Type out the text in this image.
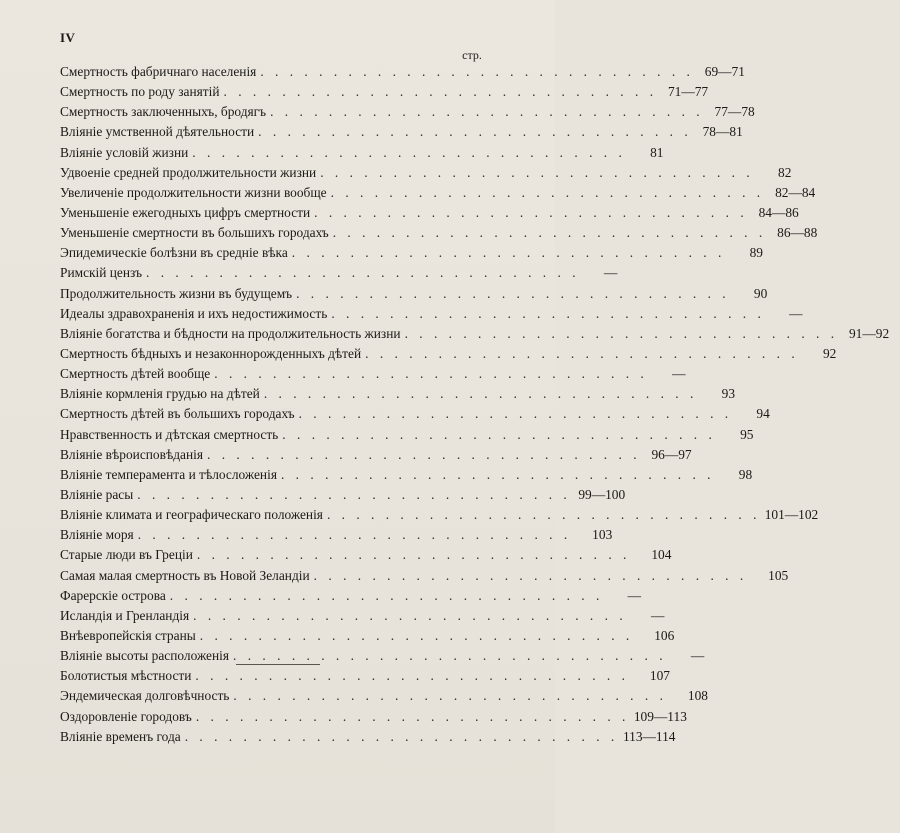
IV
стр.
Смертность фабричнаго населенія . . . . . . . . . . . . . . . . . . . . . . . . . . . . . . 69—71
Смертность по роду занятій . . . . . . . . . . . . . . . . . . . . . . . . . . . . . . 71—77
Смертность заключенныхъ, бродягъ . . . . . . . . . . . . . . . . . . . . . . . . . . . . . . 77—78
Вліяніе умственной дѣятельности . . . . . . . . . . . . . . . . . . . . . . . . . . . . . . 78—81
Вліяніе условій жизни . . . . . . . . . . . . . . . . . . . . . . . . . . . . . .	81
Удвоеніе средней продолжительности жизни . . . . . . . . . . . . . . . . . . . . . . . . . . . . . .	82
Увеличеніе продолжительности жизни вообще . . . . . . . . . . . . . . . . . . . . . . . . . . . . . . 82—84
Уменьшеніе ежегодныхъ цифръ смертности . . . . . . . . . . . . . . . . . . . . . . . . . . . . . . 84—86
Уменьшеніе смертности въ большихъ городахъ . . . . . . . . . . . . . . . . . . . . . . . . . . . . . . 86—88
Эпидемическіе болѣзни въ средніе вѣка . . . . . . . . . . . . . . . . . . . . . . . . . . . . . .	89
Римскій цензъ . . . . . . . . . . . . . . . . . . . . . . . . . . . . . .	—
Продолжительность жизни въ будущемъ . . . . . . . . . . . . . . . . . . . . . . . . . . . . . .	90
Идеалы здравохраненія и ихъ недостижимость . . . . . . . . . . . . . . . . . . . . . . . . . . . . . .	—
Вліяніе богатства и бѣдности на продолжительность жизни . . . . . . . . . . . . . . . . . . . . . . . . . . . . . . 91—92
Смертность бѣдныхъ и незаконнорожденныхъ дѣтей . . . . . . . . . . . . . . . . . . . . . . . . . . . . . .	92
Смертность дѣтей вообще . . . . . . . . . . . . . . . . . . . . . . . . . . . . . .	—
Вліяніе кормленія грудью на дѣтей . . . . . . . . . . . . . . . . . . . . . . . . . . . . . .	93
Смертность дѣтей въ большихъ городахъ . . . . . . . . . . . . . . . . . . . . . . . . . . . . . .	94
Нравственность и дѣтская смертность . . . . . . . . . . . . . . . . . . . . . . . . . . . . . .	95
Вліяніе вѣроисповѣданія . . . . . . . . . . . . . . . . . . . . . . . . . . . . . . 96—97
Вліяніе темперамента и тѣлосложенія . . . . . . . . . . . . . . . . . . . . . . . . . . . . . .	98
Вліяніе расы . . . . . . . . . . . . . . . . . . . . . . . . . . . . . . 99—100
Вліяніе климата и географическаго положенія . . . . . . . . . . . . . . . . . . . . . . . . . . . . . . 101—102
Вліяніе моря . . . . . . . . . . . . . . . . . . . . . . . . . . . . . .	103
Старые люди въ Греціи . . . . . . . . . . . . . . . . . . . . . . . . . . . . . .	104
Самая малая смертность въ Новой Зеландіи . . . . . . . . . . . . . . . . . . . . . . . . . . . . . .	105
Фарерскіе острова . . . . . . . . . . . . . . . . . . . . . . . . . . . . . .	—
Исландія и Гренландія . . . . . . . . . . . . . . . . . . . . . . . . . . . . . .	—
Внѣевропейскія страны . . . . . . . . . . . . . . . . . . . . . . . . . . . . . .	106
Вліяніе высоты расположенія . . . . . . . . . . . . . . . . . . . . . . . . . . . . . .	—
Болотистыя мѣстности . . . . . . . . . . . . . . . . . . . . . . . . . . . . . .	107
Эндемическая долговѣчность . . . . . . . . . . . . . . . . . . . . . . . . . . . . . .	108
Оздоровленіе городовъ . . . . . . . . . . . . . . . . . . . . . . . . . . . . . . 109—113
Вліяніе временъ года . . . . . . . . . . . . . . . . . . . . . . . . . . . . . . 113—114
